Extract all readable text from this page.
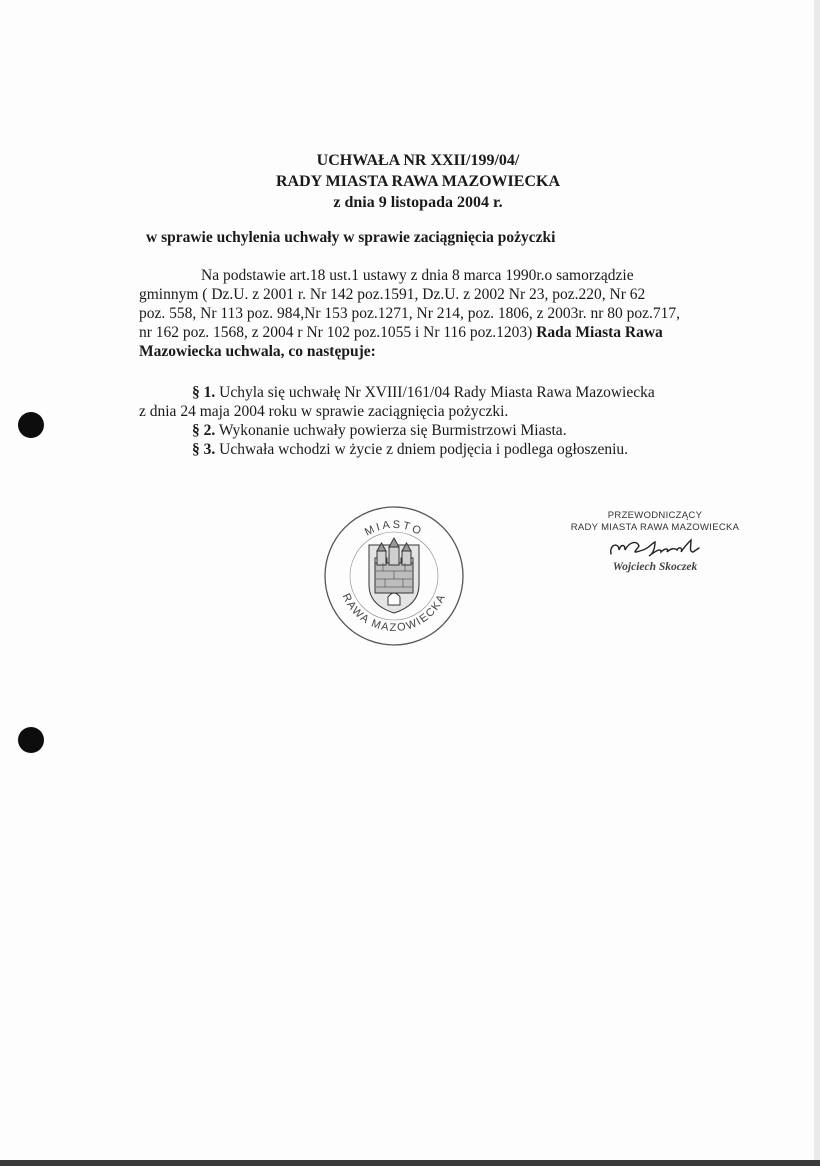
UCHWAŁA NR XXII/199/04/
RADY MIASTA RAWA MAZOWIECKA
z dnia 9 listopada 2004 r.
w sprawie uchylenia uchwały w sprawie zaciągnięcia pożyczki
Na podstawie art.18 ust.1 ustawy z dnia 8 marca 1990r.o samorządzie
gminnym ( Dz.U. z 2001 r. Nr 142 poz.1591, Dz.U. z 2002 Nr 23, poz.220, Nr 62
poz. 558, Nr 113 poz. 984,Nr 153 poz.1271, Nr 214, poz. 1806, z 2003r. nr 80 poz.717,
nr 162 poz. 1568, z 2004 r Nr 102 poz.1055 i Nr 116 poz.1203) Rada Miasta Rawa
Mazowiecka uchwala, co następuje:
§ 1. Uchyla się uchwałę Nr XVIII/161/04 Rady Miasta Rawa Mazowiecka
z dnia 24 maja 2004 roku w sprawie zaciągnięcia pożyczki.
§ 2. Wykonanie uchwały powierza się Burmistrzowi Miasta.
§ 3. Uchwała wchodzi w życie z dniem podjęcia i podlega ogłoszeniu.
MIASTO
RAWA MAZOWIECKA
PRZEWODNICZĄCY
RADY MIASTA RAWA MAZOWIECKA
Wojciech Skoczek
